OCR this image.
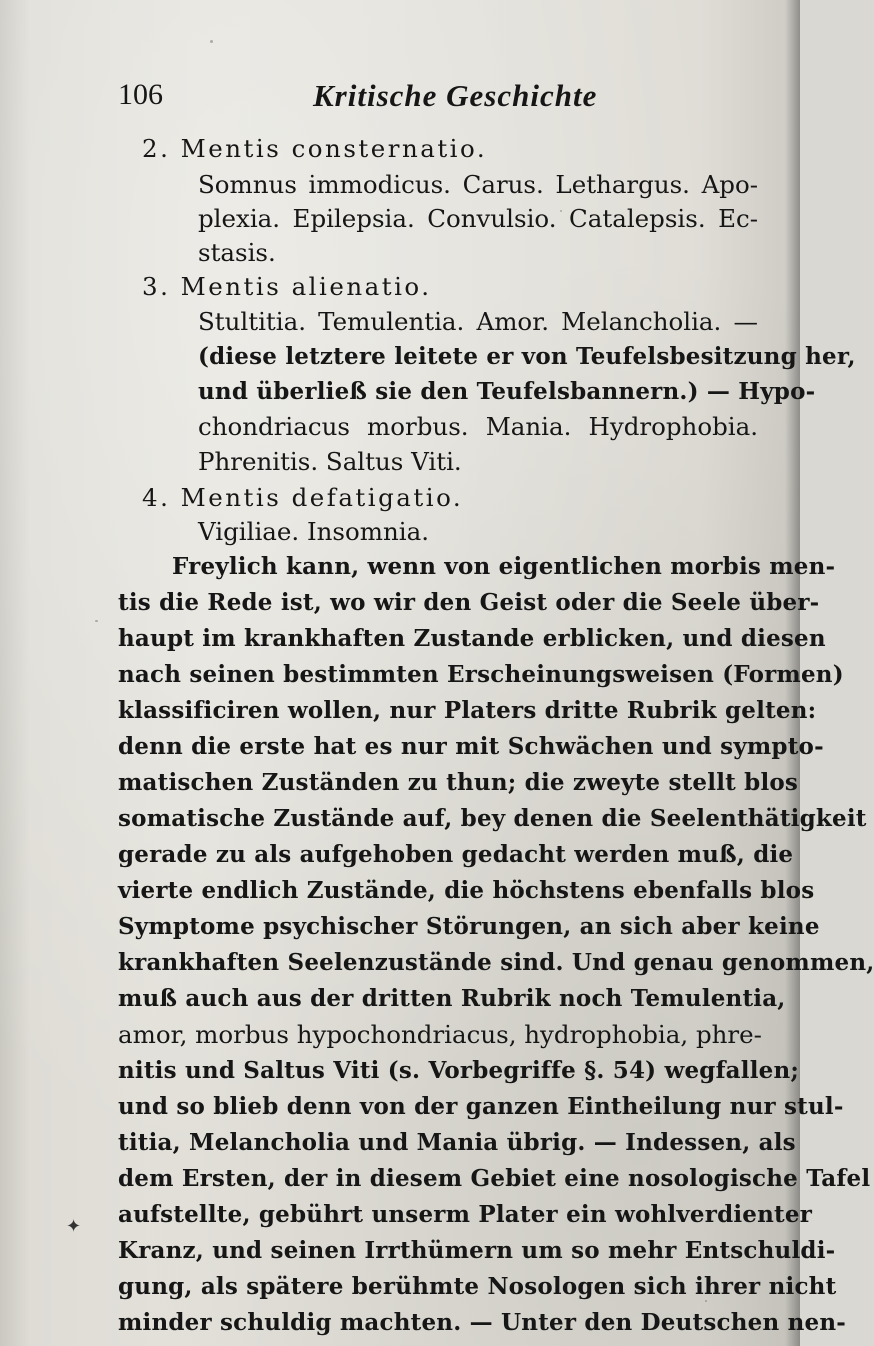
106	Kritische Geschichte
2. Mentis consternatio.
Somnus immodicus. Carus. Lethargus. Apo-
plexia. Epilepsia. Convulsio. Catalepsis. Ec-
stasis.
3. Mentis alienatio.
Stultitia. Temulentia. Amor. Melancholia. —
(diese letztere leitete er von Teufelsbesitzung her,
und überließ sie den Teufelsbannern.) — Hypo-
chondriacus morbus. Mania. Hydrophobia.
Phrenitis. Saltus Viti.
4. Mentis defatigatio.
Vigiliae. Insomnia.
Freylich kann, wenn von eigentlichen morbis men-
tis die Rede ist, wo wir den Geist oder die Seele über-
haupt im krankhaften Zustande erblicken, und diesen
nach seinen bestimmten Erscheinungsweisen (Formen)
klassificiren wollen, nur Platers dritte Rubrik gelten:
denn die erste hat es nur mit Schwächen und sympto-
matischen Zuständen zu thun; die zweyte stellt blos
somatische Zustände auf, bey denen die Seelenthätigkeit
gerade zu als aufgehoben gedacht werden muß, die
vierte endlich Zustände, die höchstens ebenfalls blos
Symptome psychischer Störungen, an sich aber keine
krankhaften Seelenzustände sind. Und genau genommen,
muß auch aus der dritten Rubrik noch Temulentia,
amor, morbus hypochondriacus, hydrophobia, phre-
nitis und Saltus Viti (s. Vorbegriffe §. 54) wegfallen;
und so blieb denn von der ganzen Eintheilung nur stul-
titia, Melancholia und Mania übrig. — Indessen, als
dem Ersten, der in diesem Gebiet eine nosologische Tafel
aufstellte, gebührt unserm Plater ein wohlverdienter
Kranz, und seinen Irrthümern um so mehr Entschuldi-
gung, als spätere berühmte Nosologen sich ihrer nicht
minder schuldig machten. — Unter den Deutschen nen-
✦
